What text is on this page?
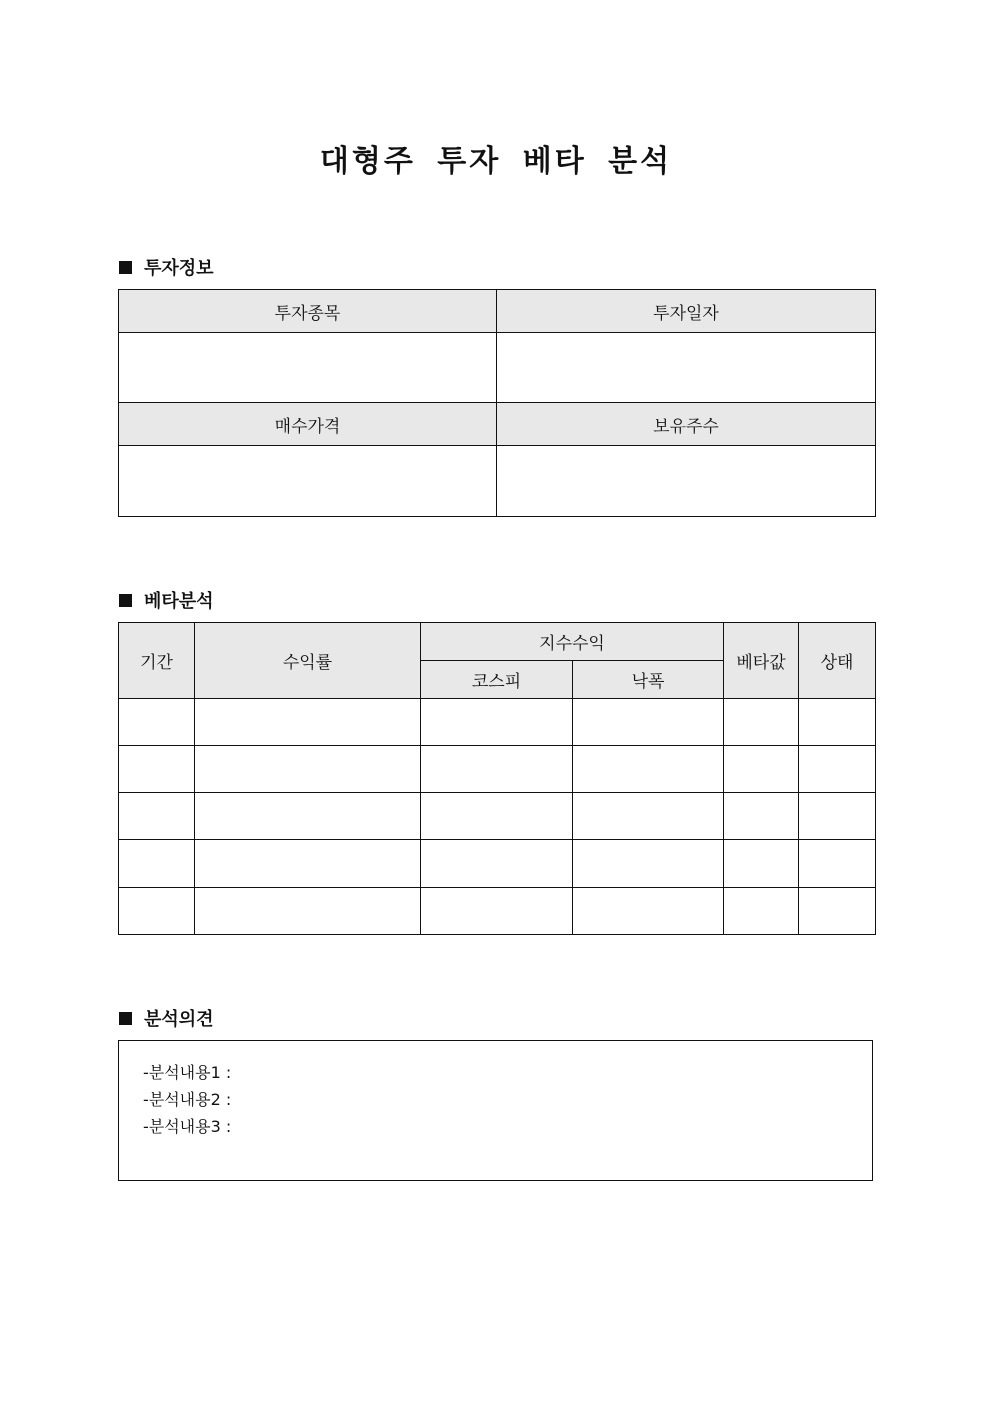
대형주 투자 베타 분석
투자정보
투자종목	투자일자

매수가격	보유주수

베타분석
기간	수익률	지수수익		베타값	상태
		코스피	낙폭		

분석의견
-분석내용1 :
-분석내용2 :
-분석내용3 :
